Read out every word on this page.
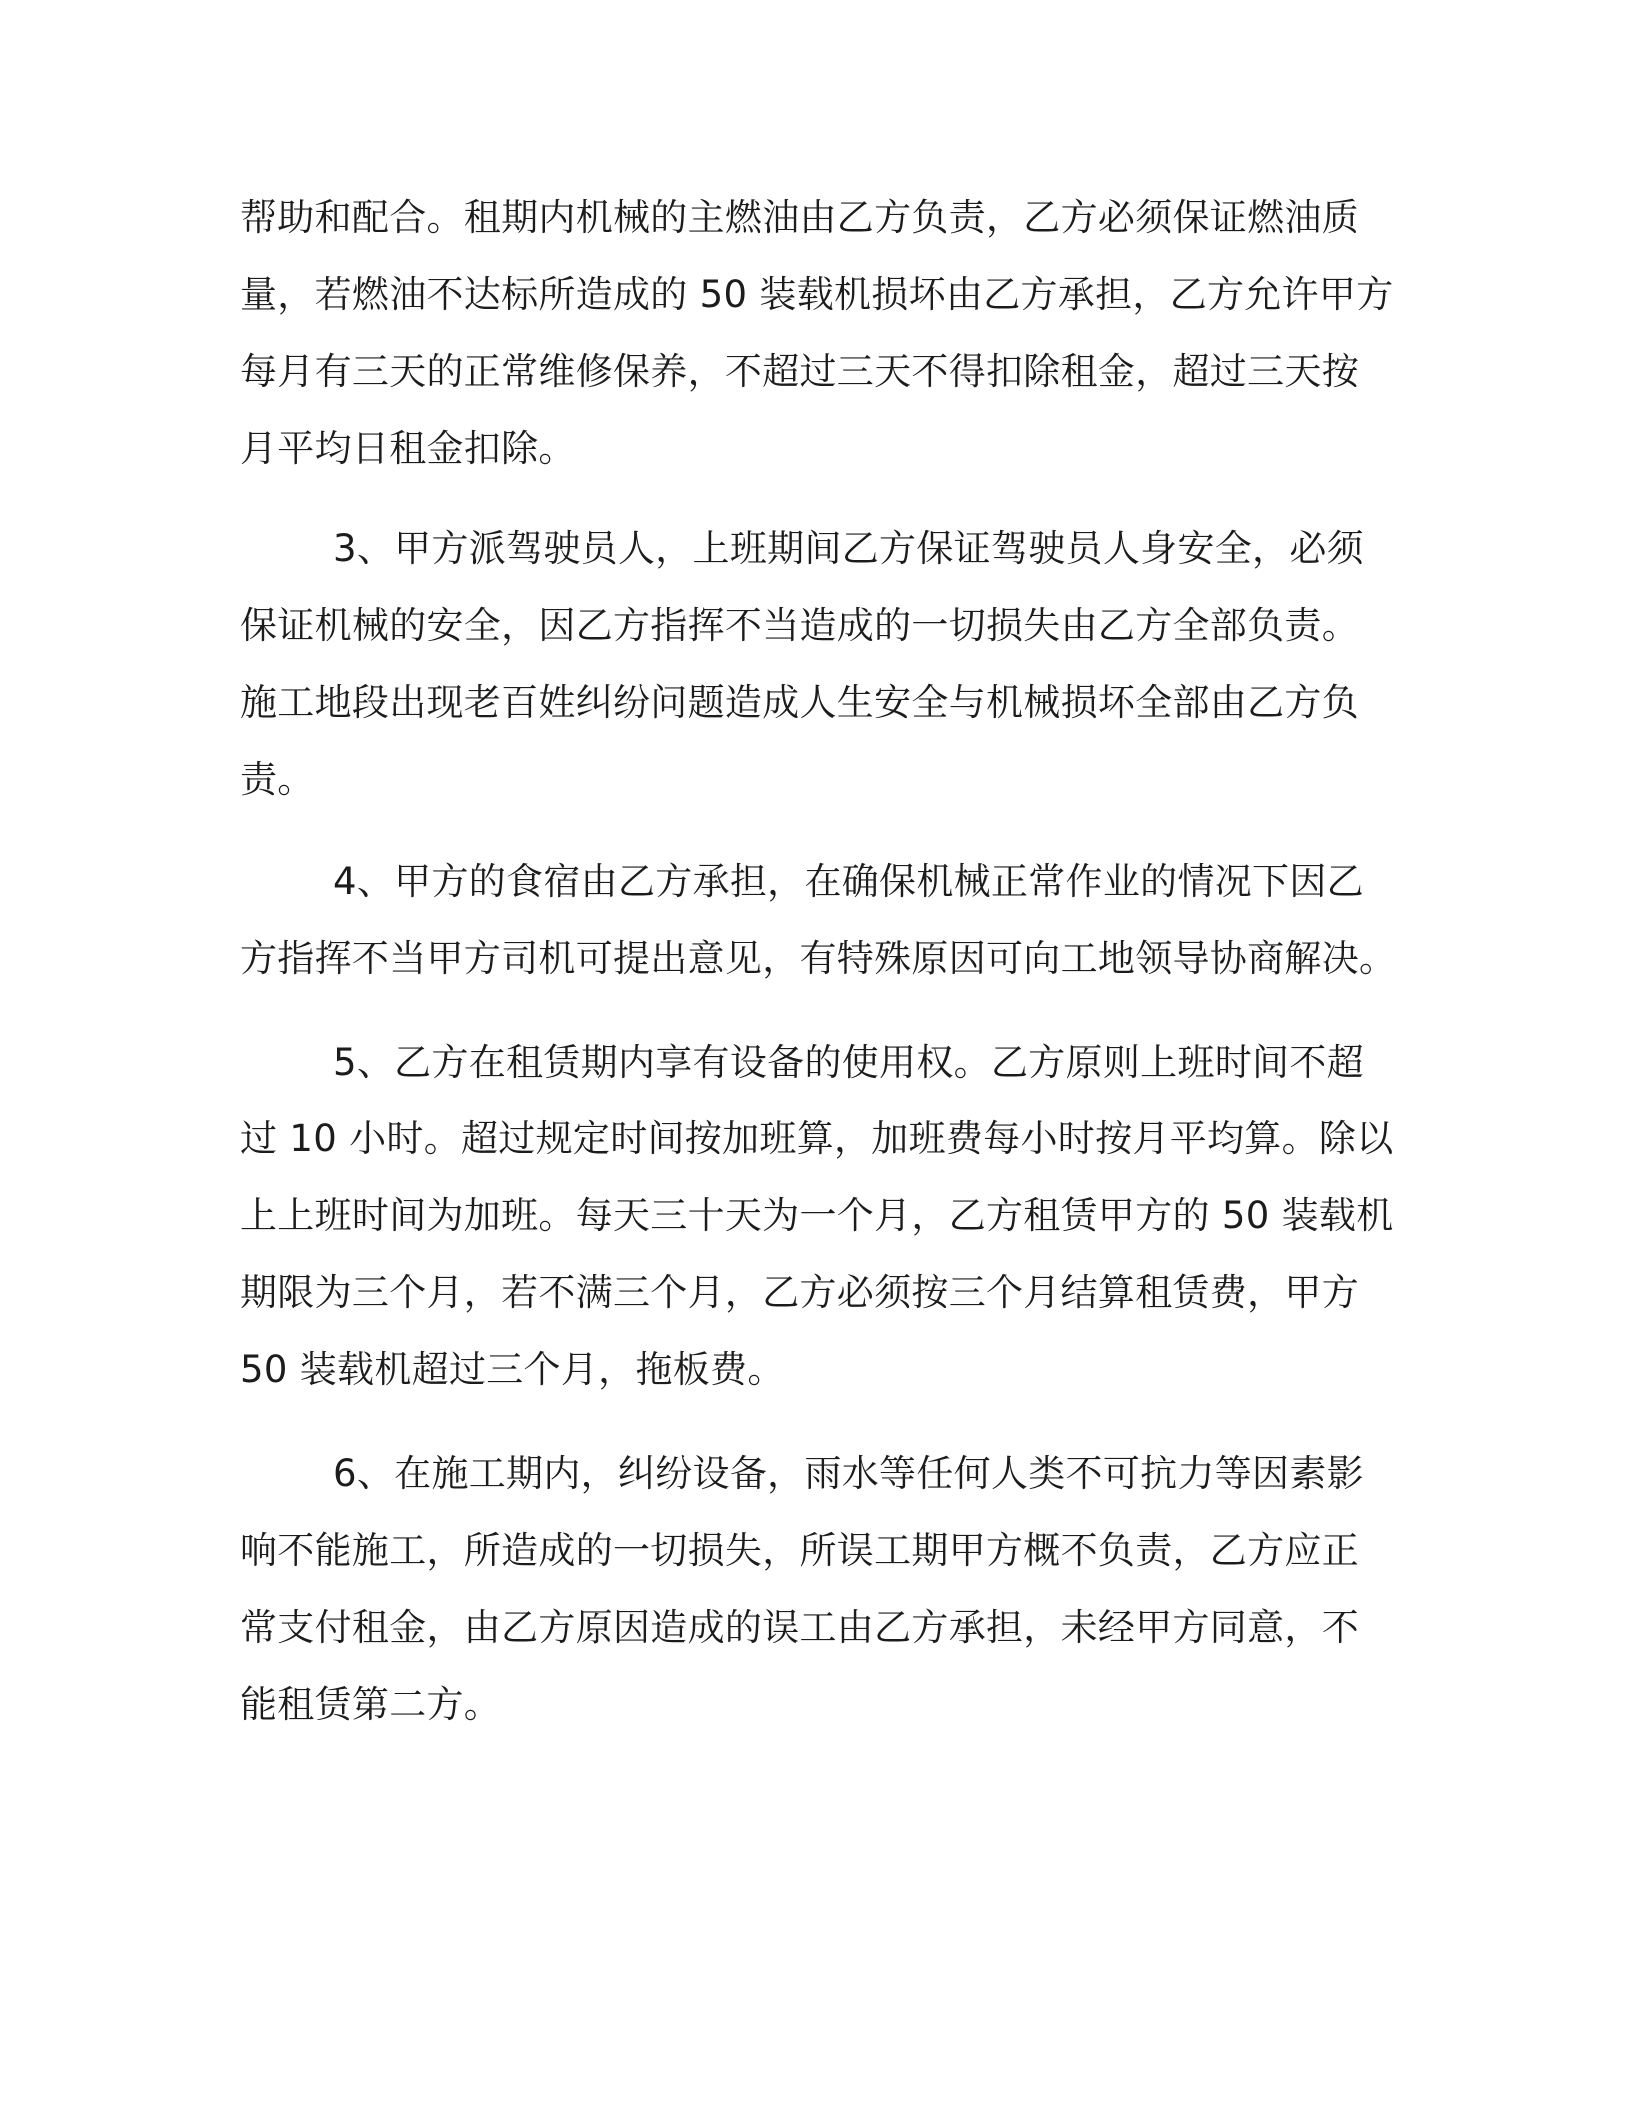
帮助和配合。租期内机械的主燃油由乙方负责，乙方必须保证燃油质
量，若燃油不达标所造成的 50 装载机损坏由乙方承担，乙方允许甲方
每月有三天的正常维修保养，不超过三天不得扣除租金，超过三天按
月平均日租金扣除。
3、甲方派驾驶员人，上班期间乙方保证驾驶员人身安全，必须
保证机械的安全，因乙方指挥不当造成的一切损失由乙方全部负责。
施工地段出现老百姓纠纷问题造成人生安全与机械损坏全部由乙方负
责。
4、甲方的食宿由乙方承担，在确保机械正常作业的情况下因乙
方指挥不当甲方司机可提出意见，有特殊原因可向工地领导协商解决。
5、乙方在租赁期内享有设备的使用权。乙方原则上班时间不超
过 10 小时。超过规定时间按加班算，加班费每小时按月平均算。除以
上上班时间为加班。每天三十天为一个月，乙方租赁甲方的 50 装载机
期限为三个月，若不满三个月，乙方必须按三个月结算租赁费，甲方
50 装载机超过三个月，拖板费。
6、在施工期内，纠纷设备，雨水等任何人类不可抗力等因素影
响不能施工，所造成的一切损失，所误工期甲方概不负责，乙方应正
常支付租金，由乙方原因造成的误工由乙方承担，未经甲方同意，不
能租赁第二方。
